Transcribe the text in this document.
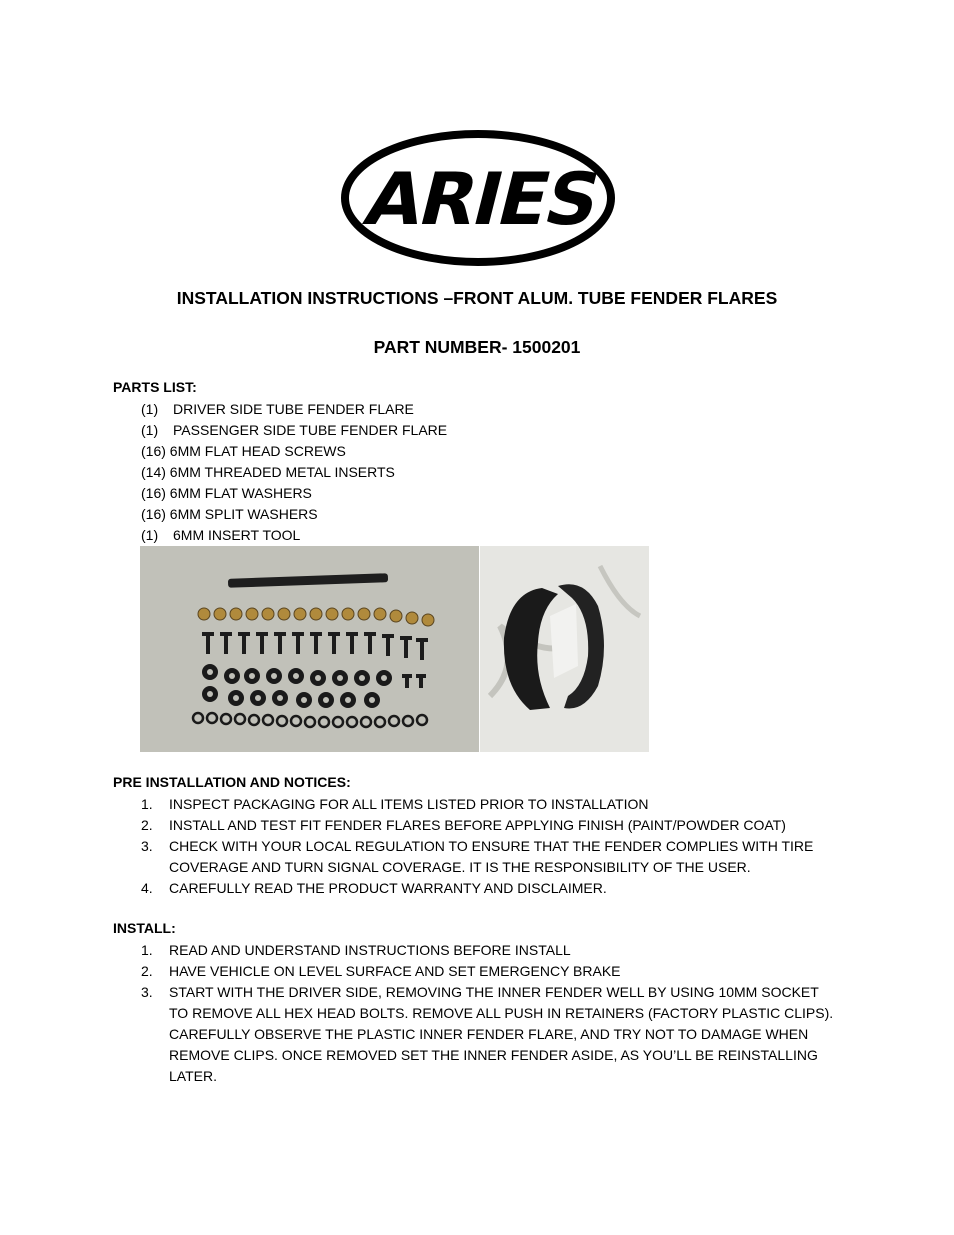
ARIES
INSTALLATION INSTRUCTIONS –FRONT ALUM. TUBE FENDER FLARES
PART NUMBER- 1500201
PARTS LIST:
(1) DRIVER SIDE TUBE FENDER FLARE
(1) PASSENGER SIDE TUBE FENDER FLARE
(16) 6MM FLAT HEAD SCREWS
(14) 6MM THREADED METAL INSERTS
(16) 6MM FLAT WASHERS
(16) 6MM SPLIT WASHERS
(1) 6MM INSERT TOOL
PRE INSTALLATION AND NOTICES:
1. INSPECT PACKAGING FOR ALL ITEMS LISTED PRIOR TO INSTALLATION
2. INSTALL AND TEST FIT FENDER FLARES BEFORE APPLYING FINISH (PAINT/POWDER COAT)
3. CHECK WITH YOUR LOCAL REGULATION TO ENSURE THAT THE FENDER COMPLIES WITH TIRE COVERAGE AND TURN SIGNAL COVERAGE. IT IS THE RESPONSIBILITY OF THE USER.
4. CAREFULLY READ THE PRODUCT WARRANTY AND DISCLAIMER.
INSTALL:
1. READ AND UNDERSTAND INSTRUCTIONS BEFORE INSTALL
2. HAVE VEHICLE ON LEVEL SURFACE AND SET EMERGENCY BRAKE
3. START WITH THE DRIVER SIDE, REMOVING THE INNER FENDER WELL BY USING 10MM SOCKET TO REMOVE ALL HEX HEAD BOLTS. REMOVE ALL PUSH IN RETAINERS (FACTORY PLASTIC CLIPS). CAREFULLY OBSERVE THE PLASTIC INNER FENDER FLARE, AND TRY NOT TO DAMAGE WHEN REMOVE CLIPS. ONCE REMOVED SET THE INNER FENDER ASIDE, AS YOU’LL BE REINSTALLING LATER.
